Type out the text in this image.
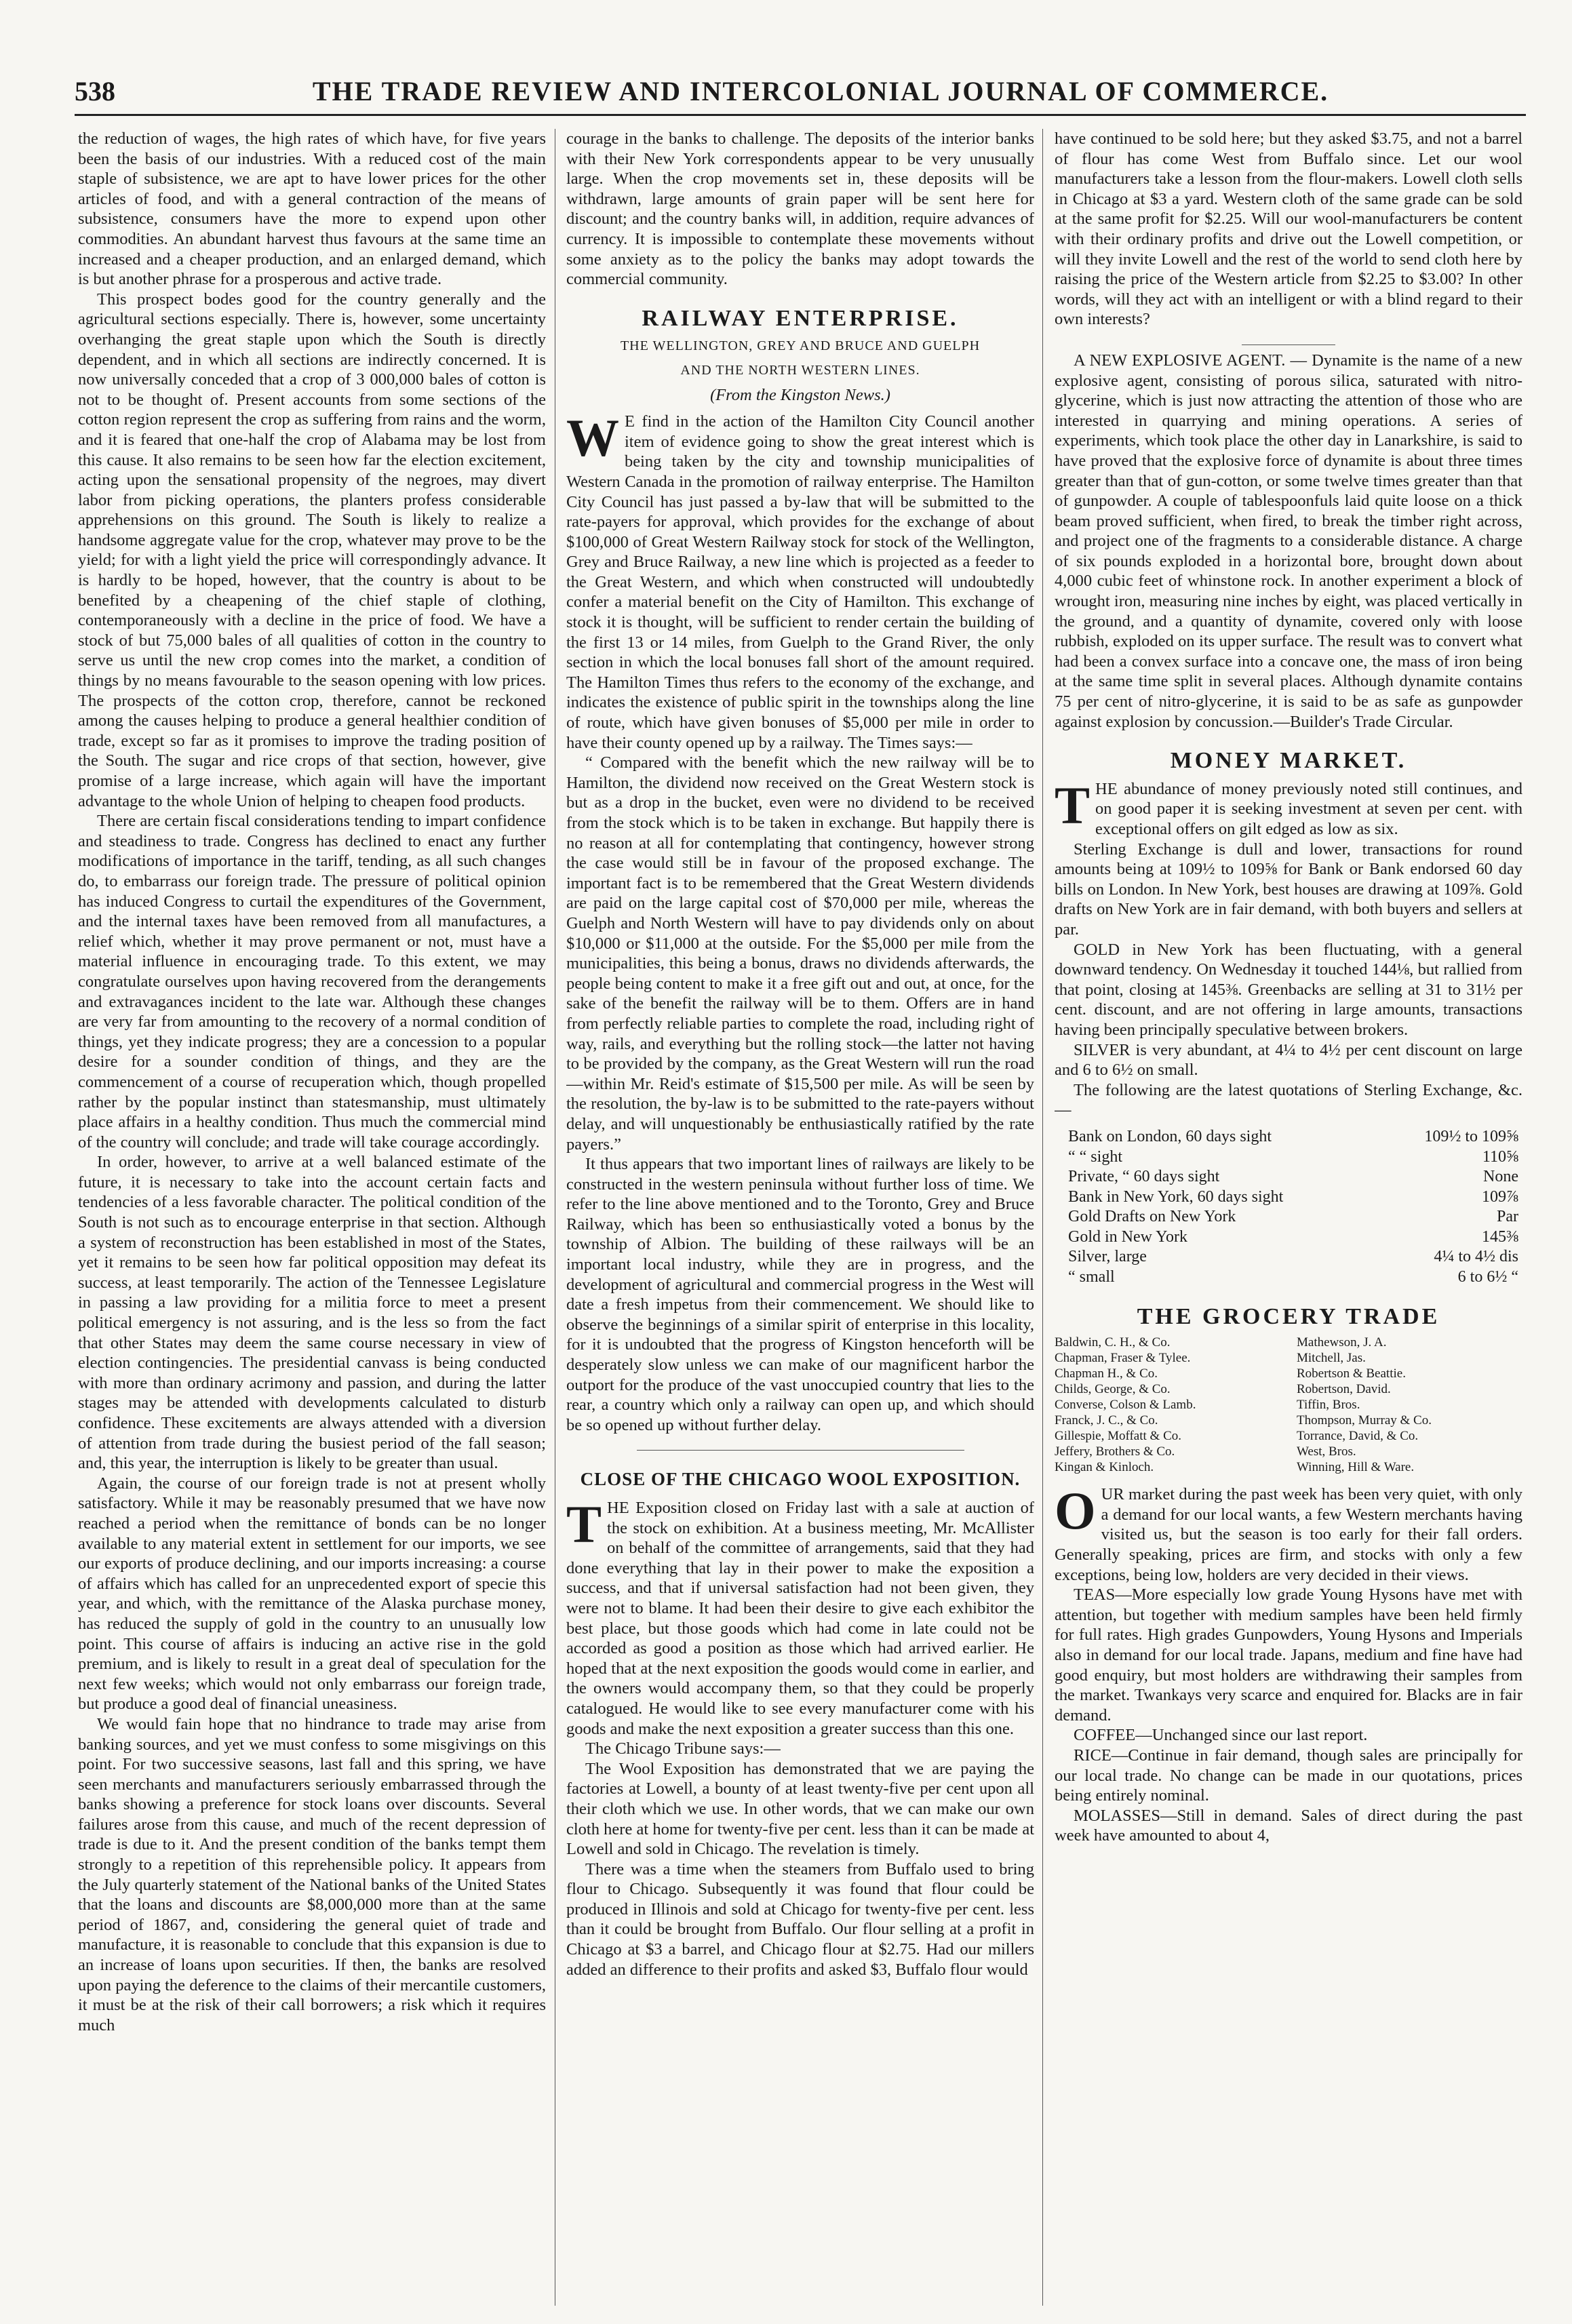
538	THE TRADE REVIEW AND INTERCOLONIAL JOURNAL OF COMMERCE.

the reduction of wages, the high rates of which have, for five years been the basis of our industries. With a reduced cost of the main staple of subsistence, we are apt to have lower prices for the other articles of food, and with a general contraction of the means of subsistence, consumers have the more to expend upon other commodities. An abundant harvest thus favours at the same time an increased and a cheaper production, and an enlarged demand, which is but another phrase for a prosperous and active trade.

This prospect bodes good for the country generally and the agricultural sections especially. There is, however, some uncertainty overhanging the great staple upon which the South is directly dependent, and in which all sections are indirectly concerned. It is now universally conceded that a crop of 3 000,000 bales of cotton is not to be thought of. Present accounts from some sections of the cotton region represent the crop as suffering from rains and the worm, and it is feared that one-half the crop of Alabama may be lost from this cause. It also remains to be seen how far the election excitement, acting upon the sensational propensity of the negroes, may divert labor from picking operations, the planters profess considerable apprehensions on this ground. The South is likely to realize a handsome aggregate value for the crop, whatever may prove to be the yield; for with a light yield the price will correspondingly advance. It is hardly to be hoped, however, that the country is about to be benefited by a cheapening of the chief staple of clothing, contemporaneously with a decline in the price of food. We have a stock of but 75,000 bales of all qualities of cotton in the country to serve us until the new crop comes into the market, a condition of things by no means favourable to the season opening with low prices. The prospects of the cotton crop, therefore, cannot be reckoned among the causes helping to produce a general healthier condition of trade, except so far as it promises to improve the trading position of the South. The sugar and rice crops of that section, however, give promise of a large increase, which again will have the important advantage to the whole Union of helping to cheapen food products.

There are certain fiscal considerations tending to impart confidence and steadiness to trade. Congress has declined to enact any further modifications of importance in the tariff, tending, as all such changes do, to embarrass our foreign trade. The pressure of political opinion has induced Congress to curtail the expenditures of the Government, and the internal taxes have been removed from all manufactures, a relief which, whether it may prove permanent or not, must have a material influence in encouraging trade. To this extent, we may congratulate ourselves upon having recovered from the derangements and extravagances incident to the late war. Although these changes are very far from amounting to the recovery of a normal condition of things, yet they indicate progress; they are a concession to a popular desire for a sounder condition of things, and they are the commencement of a course of recuperation which, though propelled rather by the popular instinct than statesmanship, must ultimately place affairs in a healthy condition. Thus much the commercial mind of the country will conclude; and trade will take courage accordingly.

In order, however, to arrive at a well balanced estimate of the future, it is necessary to take into the account certain facts and tendencies of a less favorable character. The political condition of the South is not such as to encourage enterprise in that section. Although a system of reconstruction has been established in most of the States, yet it remains to be seen how far political opposition may defeat its success, at least temporarily. The action of the Tennessee Legislature in passing a law providing for a militia force to meet a present political emergency is not assuring, and is the less so from the fact that other States may deem the same course necessary in view of election contingencies. The presidential canvass is being conducted with more than ordinary acrimony and passion, and during the latter stages may be attended with developments calculated to disturb confidence. These excitements are always attended with a diversion of attention from trade during the busiest period of the fall season; and, this year, the interruption is likely to be greater than usual.

Again, the course of our foreign trade is not at present wholly satisfactory. While it may be reasonably presumed that we have now reached a period when the remittance of bonds can be no longer available to any material extent in settlement for our imports, we see our exports of produce declining, and our imports increasing: a course of affairs which has called for an unprecedented export of specie this year, and which, with the remittance of the Alaska purchase money, has reduced the supply of gold in the country to an unusually low point. This course of affairs is inducing an active rise in the gold premium, and is likely to result in a great deal of speculation for the next few weeks; which would not only embarrass our foreign trade, but produce a good deal of financial uneasiness.

We would fain hope that no hindrance to trade may arise from banking sources, and yet we must confess to some misgivings on this point. For two successive seasons, last fall and this spring, we have seen merchants and manufacturers seriously embarrassed through the banks showing a preference for stock loans over discounts. Several failures arose from this cause, and much of the recent depression of trade is due to it. And the present condition of the banks tempt them strongly to a repetition of this reprehensible policy. It appears from the July quarterly statement of the National banks of the United States that the loans and discounts are $8,000,000 more than at the same period of 1867, and, considering the general quiet of trade and manufacture, it is reasonable to conclude that this expansion is due to an increase of loans upon securities. If then, the banks are resolved upon paying the deference to the claims of their mercantile customers, it must be at the risk of their call borrowers; a risk which it requires much

courage in the banks to challenge. The deposits of the interior banks with their New York correspondents appear to be very unusually large. When the crop movements set in, these deposits will be withdrawn, large amounts of grain paper will be sent here for discount; and the country banks will, in addition, require advances of currency. It is impossible to contemplate these movements without some anxiety as to the policy the banks may adopt towards the commercial community.

RAILWAY ENTERPRISE.
THE WELLINGTON, GREY AND BRUCE AND GUELPH
AND THE NORTH WESTERN LINES.
(From the Kingston News.)

W E find in the action of the Hamilton City Council another item of evidence going to show the great interest which is being taken by the city and township municipalities of Western Canada in the promotion of railway enterprise. The Hamilton City Council has just passed a by-law that will be submitted to the rate-payers for approval, which provides for the exchange of about $100,000 of Great Western Railway stock for stock of the Wellington, Grey and Bruce Railway, a new line which is projected as a feeder to the Great Western, and which when constructed will undoubtedly confer a material benefit on the City of Hamilton. This exchange of stock it is thought, will be sufficient to render certain the building of the first 13 or 14 miles, from Guelph to the Grand River, the only section in which the local bonuses fall short of the amount required. The Hamilton Times thus refers to the economy of the exchange, and indicates the existence of public spirit in the townships along the line of route, which have given bonuses of $5,000 per mile in order to have their county opened up by a railway. The Times says:—

“ Compared with the benefit which the new railway will be to Hamilton, the dividend now received on the Great Western stock is but as a drop in the bucket, even were no dividend to be received from the stock which is to be taken in exchange. But happily there is no reason at all for contemplating that contingency, however strong the case would still be in favour of the proposed exchange. The important fact is to be remembered that the Great Western dividends are paid on the large capital cost of $70,000 per mile, whereas the Guelph and North Western will have to pay dividends only on about $10,000 or $11,000 at the outside. For the $5,000 per mile from the municipalities, this being a bonus, draws no dividends afterwards, the people being content to make it a free gift out and out, at once, for the sake of the benefit the railway will be to them. Offers are in hand from perfectly reliable parties to complete the road, including right of way, rails, and everything but the rolling stock—the latter not having to be provided by the company, as the Great Western will run the road—within Mr. Reid's estimate of $15,500 per mile. As will be seen by the resolution, the by-law is to be submitted to the rate-payers without delay, and will unquestionably be enthusiastically ratified by the rate payers.”

It thus appears that two important lines of railways are likely to be constructed in the western peninsula without further loss of time. We refer to the line above mentioned and to the Toronto, Grey and Bruce Railway, which has been so enthusiastically voted a bonus by the township of Albion. The building of these railways will be an important local industry, while they are in progress, and the development of agricultural and commercial progress in the West will date a fresh impetus from their commencement. We should like to observe the beginnings of a similar spirit of enterprise in this locality, for it is undoubted that the progress of Kingston henceforth will be desperately slow unless we can make of our magnificent harbor the outport for the produce of the vast unoccupied country that lies to the rear, a country which only a railway can open up, and which should be so opened up without further delay.

CLOSE OF THE CHICAGO WOOL EXPOSITION.

THE Exposition closed on Friday last with a sale at auction of the stock on exhibition. At a business meeting, Mr. McAllister on behalf of the committee of arrangements, said that they had done everything that lay in their power to make the exposition a success, and that if universal satisfaction had not been given, they were not to blame. It had been their desire to give each exhibitor the best place, but those goods which had come in late could not be accorded as good a position as those which had arrived earlier. He hoped that at the next exposition the goods would come in earlier, and the owners would accompany them, so that they could be properly catalogued. He would like to see every manufacturer come with his goods and make the next exposition a greater success than this one.

The Chicago Tribune says:—

The Wool Exposition has demonstrated that we are paying the factories at Lowell, a bounty of at least twenty-five per cent upon all their cloth which we use. In other words, that we can make our own cloth here at home for twenty-five per cent. less than it can be made at Lowell and sold in Chicago. The revelation is timely.

There was a time when the steamers from Buffalo used to bring flour to Chicago. Subsequently it was found that flour could be produced in Illinois and sold at Chicago for twenty-five per cent. less than it could be brought from Buffalo. Our flour selling at a profit in Chicago at $3 a barrel, and Chicago flour at $2.75. Had our millers added an difference to their profits and asked $3, Buffalo flour would

have continued to be sold here; but they asked $3.75, and not a barrel of flour has come West from Buffalo since. Let our wool manufacturers take a lesson from the flour-makers. Lowell cloth sells in Chicago at $3 a yard. Western cloth of the same grade can be sold at the same profit for $2.25. Will our wool-manufacturers be content with their ordinary profits and drive out the Lowell competition, or will they invite Lowell and the rest of the world to send cloth here by raising the price of the Western article from $2.25 to $3.00? In other words, will they act with an intelligent or with a blind regard to their own interests?

A NEW EXPLOSIVE AGENT. — Dynamite is the name of a new explosive agent, consisting of porous silica, saturated with nitro-glycerine, which is just now attracting the attention of those who are interested in quarrying and mining operations. A series of experiments, which took place the other day in Lanarkshire, is said to have proved that the explosive force of dynamite is about three times greater than that of gun-cotton, or some twelve times greater than that of gunpowder. A couple of tablespoonfuls laid quite loose on a thick beam proved sufficient, when fired, to break the timber right across, and project one of the fragments to a considerable distance. A charge of six pounds exploded in a horizontal bore, brought down about 4,000 cubic feet of whinstone rock. In another experiment a block of wrought iron, measuring nine inches by eight, was placed vertically in the ground, and a quantity of dynamite, covered only with loose rubbish, exploded on its upper surface. The result was to convert what had been a convex surface into a concave one, the mass of iron being at the same time split in several places. Although dynamite contains 75 per cent of nitro-glycerine, it is said to be as safe as gunpowder against explosion by concussion.—Builder's Trade Circular.

MONEY MARKET.

THE abundance of money previously noted still continues, and on good paper it is seeking investment at seven per cent. with exceptional offers on gilt edged as low as six.

Sterling Exchange is dull and lower, transactions for round amounts being at 109½ to 109⅝ for Bank or Bank endorsed 60 day bills on London. In New York, best houses are drawing at 109⅞. Gold drafts on New York are in fair demand, with both buyers and sellers at par.

GOLD in New York has been fluctuating, with a general downward tendency. On Wednesday it touched 144⅛, but rallied from that point, closing at 145⅜. Greenbacks are selling at 31 to 31½ per cent. discount, and are not offering in large amounts, transactions having been principally speculative between brokers.

SILVER is very abundant, at 4¼ to 4½ per cent discount on large and 6 to 6½ on small.

The following are the latest quotations of Sterling Exchange, &c.—

Bank on London, 60 days sight	109½ to 109⅝
“ “ sight	110⅝
Private, “ 60 days sight	None
Bank in New York, 60 days sight	109⅞
Gold Drafts on New York	Par
Gold in New York	145⅜
Silver, large	4¼ to 4½ dis
“ small	6 to 6½ “
THE GROCERY TRADE
Baldwin, C. H., & Co.	Mathewson, J. A.
Chapman, Fraser & Tylee.	Mitchell, Jas.
Chapman H., & Co.	Robertson & Beattie.
Childs, George, & Co.	Robertson, David.
Converse, Colson & Lamb.	Tiffin, Bros.
Franck, J. C., & Co.	Thompson, Murray & Co.
Gillespie, Moffatt & Co.	Torrance, David, & Co.
Jeffery, Brothers & Co.	West, Bros.
Kingan & Kinloch.	Winning, Hill & Ware.

OUR market during the past week has been very quiet, with only a demand for our local wants, a few Western merchants having visited us, but the season is too early for their fall orders. Generally speaking, prices are firm, and stocks with only a few exceptions, being low, holders are very decided in their views.

TEAS—More especially low grade Young Hysons have met with attention, but together with medium samples have been held firmly for full rates. High grades Gunpowders, Young Hysons and Imperials also in demand for our local trade. Japans, medium and fine have had good enquiry, but most holders are withdrawing their samples from the market. Twankays very scarce and enquired for. Blacks are in fair demand.

COFFEE—Unchanged since our last report.

RICE—Continue in fair demand, though sales are principally for our local trade. No change can be made in our quotations, prices being entirely nominal.

MOLASSES—Still in demand. Sales of direct during the past week have amounted to about 4,
